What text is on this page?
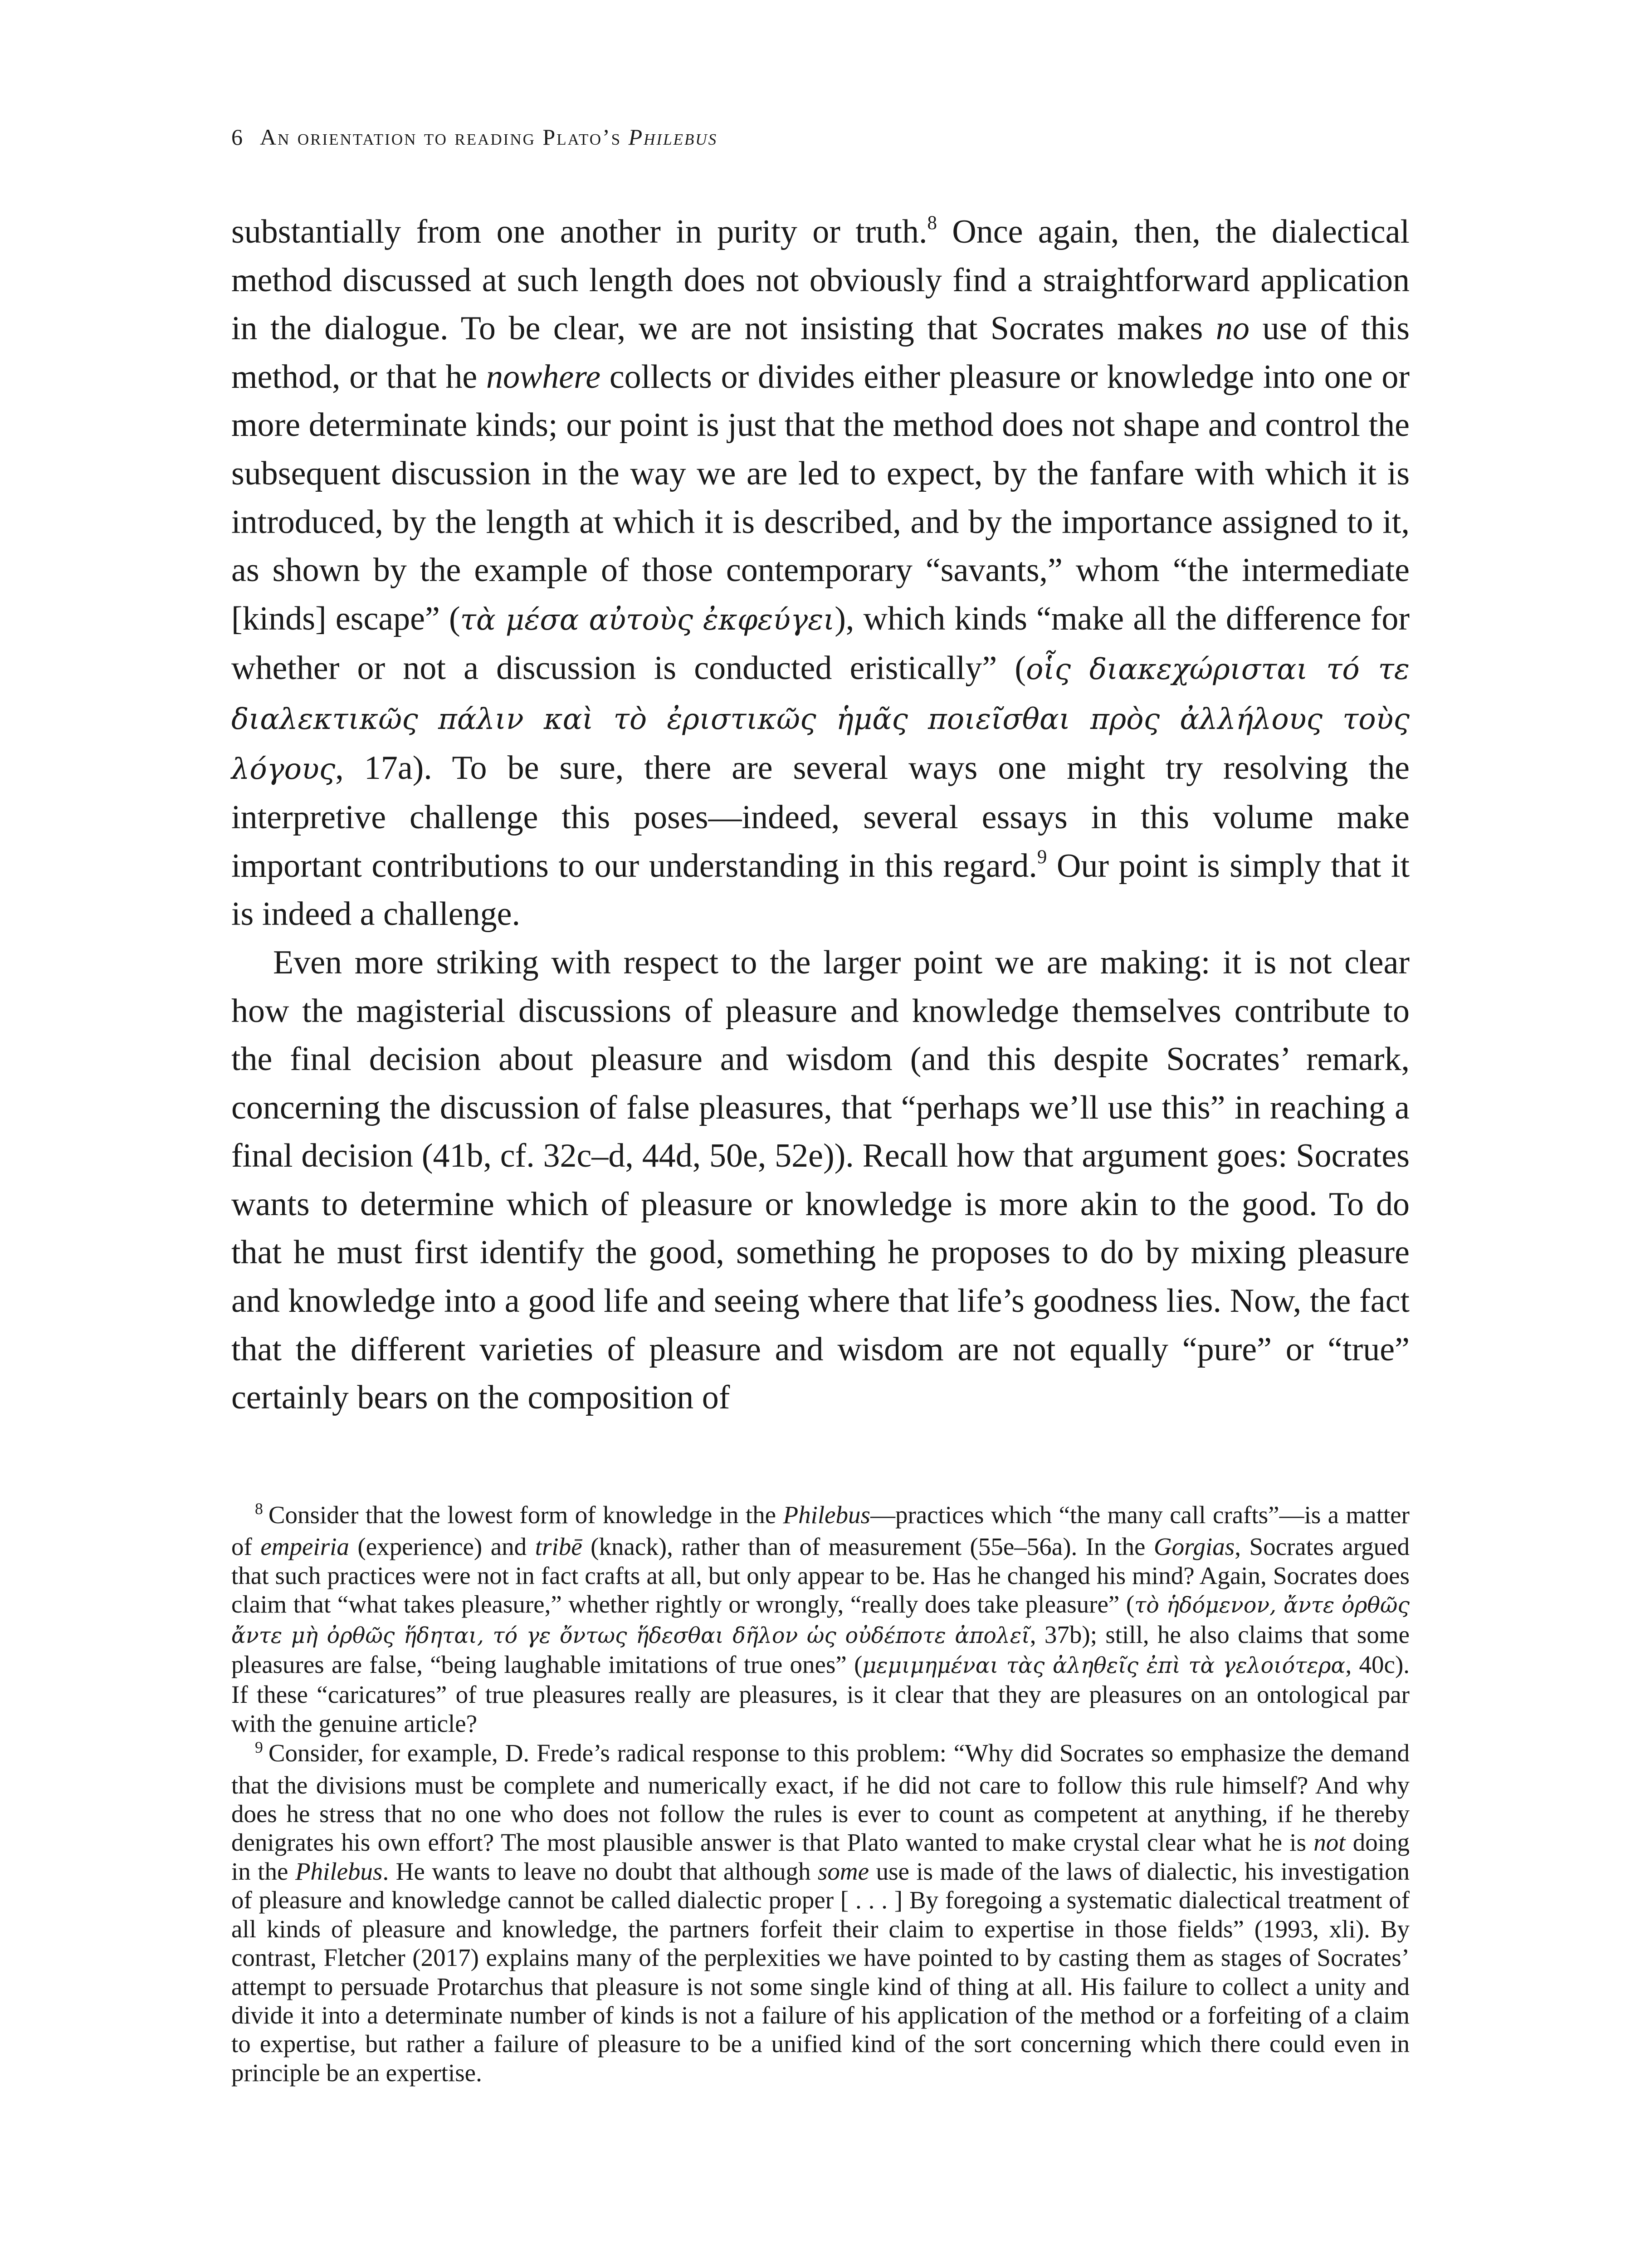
6 An orientation to reading Plato’s Philebus

substantially from one another in purity or truth.$^8$ Once again, then, the dialectical method discussed at such length does not obviously find a straightforward application in the dialogue. To be clear, we are not insisting that Socrates makes no use of this method, or that he nowhere collects or divides either pleasure or knowledge into one or more determinate kinds; our point is just that the method does not shape and control the subsequent discussion in the way we are led to expect, by the fanfare with which it is introduced, by the length at which it is described, and by the importance assigned to it, as shown by the example of those contemporary “savants,” whom “the intermediate [kinds] escape” (τὰ μέσα αὐτοὺς ἐκφεύγει), which kinds “make all the difference for whether or not a discussion is conducted eristically” (οἷς διακεχώρισται τό τε διαλεκτικῶς πάλιν καὶ τὸ ἐριστικῶς ἡμᾶς ποιεῖσθαι πρὸς ἀλλήλους τοὺς λόγους, 17a). To be sure, there are several ways one might try resolving the interpretive challenge this poses—indeed, several essays in this volume make important contributions to our understanding in this regard.$^9$ Our point is simply that it is indeed a challenge.

Even more striking with respect to the larger point we are making: it is not clear how the magisterial discussions of pleasure and knowledge themselves contribute to the final decision about pleasure and wisdom (and this despite Socrates’ remark, concerning the discussion of false pleasures, that “perhaps we’ll use this” in reaching a final decision (41b, cf. 32c–d, 44d, 50e, 52e)). Recall how that argument goes: Socrates wants to determine which of pleasure or knowledge is more akin to the good. To do that he must first identify the good, something he proposes to do by mixing pleasure and knowledge into a good life and seeing where that life’s goodness lies. Now, the fact that the different varieties of pleasure and wisdom are not equally “pure” or “true” certainly bears on the composition of

$^8$ Consider that the lowest form of knowledge in the Philebus—practices which “the many call crafts”—is a matter of empeiria (experience) and tribē (knack), rather than of measurement (55e–56a). In the Gorgias, Socrates argued that such practices were not in fact crafts at all, but only appear to be. Has he changed his mind? Again, Socrates does claim that “what takes pleasure,” whether rightly or wrongly, “really does take pleasure” (τὸ ἡδόμενον, ἄντε ὀρθῶς ἄντε μὴ ὀρθῶς ἥδηται, τό γε ὄντως ἥδεσθαι δῆλον ὡς οὐδέποτε ἀπολεῖ, 37b); still, he also claims that some pleasures are false, “being laughable imitations of true ones” (μεμιμημέναι τὰς ἀληθεῖς ἐπὶ τὰ γελοιότερα, 40c). If these “caricatures” of true pleasures really are pleasures, is it clear that they are pleasures on an ontological par with the genuine article?

$^9$ Consider, for example, D. Frede’s radical response to this problem: “Why did Socrates so emphasize the demand that the divisions must be complete and numerically exact, if he did not care to follow this rule himself? And why does he stress that no one who does not follow the rules is ever to count as competent at anything, if he thereby denigrates his own effort? The most plausible answer is that Plato wanted to make crystal clear what he is not doing in the Philebus. He wants to leave no doubt that although some use is made of the laws of dialectic, his investigation of pleasure and knowledge cannot be called dialectic proper [ . . . ] By foregoing a systematic dialectical treatment of all kinds of pleasure and knowledge, the partners forfeit their claim to expertise in those fields” (1993, xli). By contrast, Fletcher (2017) explains many of the perplexities we have pointed to by casting them as stages of Socrates’ attempt to persuade Protarchus that pleasure is not some single kind of thing at all. His failure to collect a unity and divide it into a determinate number of kinds is not a failure of his application of the method or a forfeiting of a claim to expertise, but rather a failure of pleasure to be a unified kind of the sort concerning which there could even in principle be an expertise.
